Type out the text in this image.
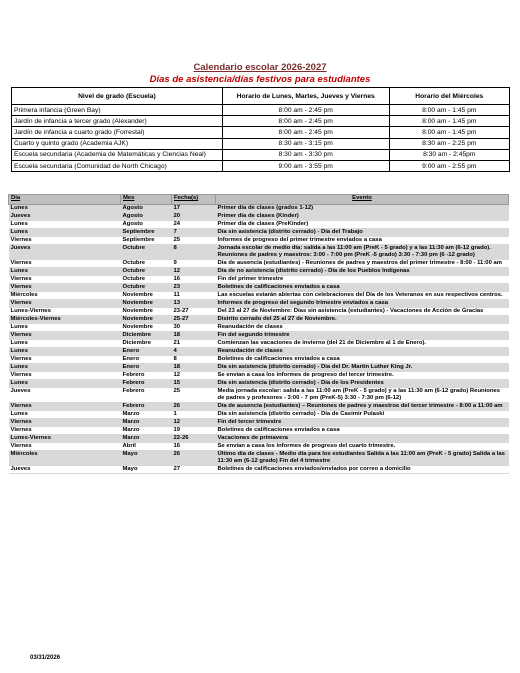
Calendario escolar 2026-2027
Días de asistencia/días festivos para estudiantes
Nivel de grado (Escuela)	Horario de Lunes, Martes, Jueves y Viernes	Horario del Miércoles
Primera infancia (Green Bay)	8:00 am - 2:45 pm	8:00 am - 1:45 pm
Jardín de infancia a tercer grado (Alexander)	8:00 am - 2:45 pm	8:00 am - 1:45 pm
Jardín de infancia a cuarto grado (Forrestal)	8:00 am - 2:45 pm	8:00 am - 1:45 pm
Cuarto y quinto grado (Academia AJK)	8:30 am - 3:15 pm	8:30 am - 2:25 pm
Escuela secundaria (Academia de Matemáticas y Ciencias Neal)	8:30 am - 3:30 pm	8:30 am - 2:45pm
Escuela secundaria (Comunidad de North Chicago)	9:00 am - 3:55 pm	9:00 am - 2:55 pm
Día	Mes	Fecha(s)	Evento
Lunes	Agosto	17	Primer día de clases (grados 1-12)
Jueves	Agosto	20	Primer día de clases (Kinder)
Lunes	Agosto	24	Primer día de clases (PreKinder)
Lunes	Septiembre	7	Día sin asistencia (distrito cerrado) - Día del Trabajo
Viernes	Septiembre	25	Informes de progreso del primer trimestre enviados a casa
Jueves	Octubre	8	Jornada escolar de medio día: salida a las 11:00 am (PreK - 5 grado) y a las 11:30 am (6-12 grado). Reuniones de padres y maestros: 3:00 - 7:00 pm (PreK -5 grado) 3:30 - 7:30 pm (6 -12 grado)
Viernes	Octubre	9	Día de ausencia (estudiantes) - Reuniones de padres y maestros del primer trimestre - 8:00 - 11:00 am
Lunes	Octubre	12	Día de no asistencia (distrito cerrado) - Día de los Pueblos Indígenas
Viernes	Octubre	16	Fin del primer trimestre
Viernes	Octubre	23	Boletines de calificaciones enviados a casa
Miércoles	Noviembre	11	Las escuelas estarán abiertas con celebraciones del Día de los Veteranos en sus respectivos centros.
Viernes	Noviembre	13	Informes de progreso del segundo trimestre enviados a casa
Lunes-Viernes	Noviembre	23-27	Del 23 al 27 de Noviembre: Días sin asistencia (estudiantes) - Vacaciones de Acción de Gracias
Miércoles-Viernes	Noviembre	25-27	Distrito cerrado del 25 al 27 de Noviembre.
Lunes	Noviembre	30	Reanudación de clases
Viernes	Diciembre	18	Fin del segundo trimestre
Lunes	Diciembre	21	Comienzan las vacaciones de invierno (del 21 de Diciembre al 1 de Enero).
Lunes	Enero	4	Reanudación de clases
Viernes	Enero	8	Boletines de calificaciones enviados a casa
Lunes	Enero	18	Día sin asistencia (distrito cerrado) - Día del Dr. Martin Luther King Jr.
Viernes	Febrero	12	Se envían a casa los informes de progreso del tercer trimestre.
Lunes	Febrero	15	Día sin asistencia (distrito cerrado) - Día de los Presidentes
Jueves	Febrero	25	Media jornada escolar: salida a las 11:00 am (PreK - 5 grado) y a las 11:30 am (6-12 grado) Reuniones de padres y profesores - 3:00 - 7 pm (PreK-5) 3:30 - 7:30 pm (6-12)
Viernes	Febrero	26	Día de ausencia (estudiantes) – Reuniones de padres y maestros del tercer trimestre - 8:00 a 11:00 am
Lunes	Marzo	1	Día sin asistencia (distrito cerrado) - Día de Casimir Pulaski
Viernes	Marzo	12	Fin del tercer trimestre
Viernes	Marzo	19	Boletines de calificaciones enviados a casa
Lunes-Viernes	Marzo	22-26	Vacaciones de primavera
Viernes	Abril	16	Se envían a casa los informes de progreso del cuarto trimestre.
Miércoles	Mayo	26	Último día de clases - Medio día para los estudiantes Salida a las 11:00 am (PreK - 5 grado) Salida a las 11:30 am (6-12 grado) Fin del 4 trimestre
Jueves	Mayo	27	Boletines de calificaciones enviados/enviados por correo a domicilio
03/31/2026
